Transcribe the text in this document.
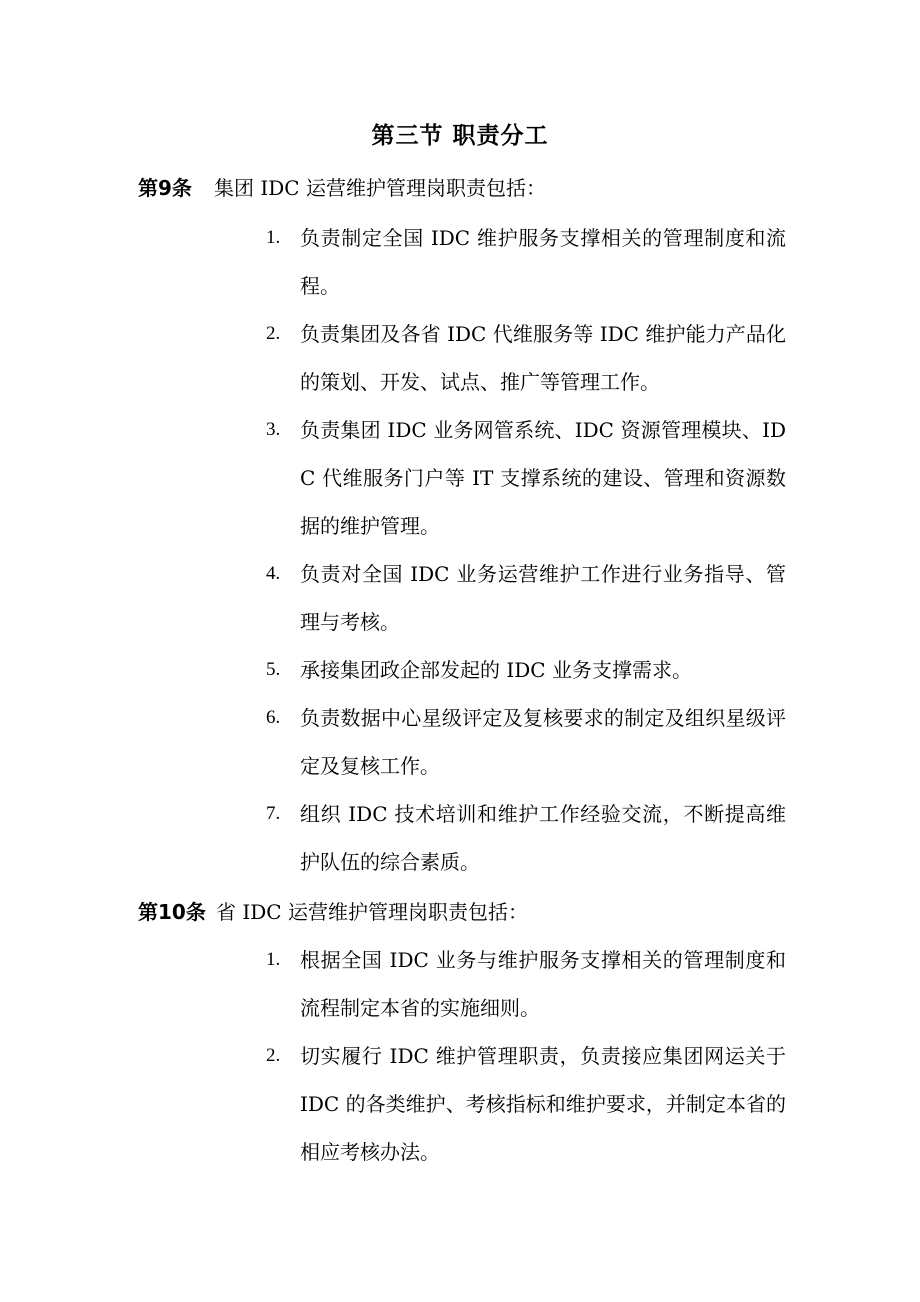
第三节 职责分工
第9条 集团 IDC 运营维护管理岗职责包括：
1. 负责制定全国 IDC 维护服务支撑相关的管理制度和流程。
2. 负责集团及各省 IDC 代维服务等 IDC 维护能力产品化的策划、开发、试点、推广等管理工作。
3. 负责集团 IDC 业务网管系统、IDC 资源管理模块、IDC 代维服务门户等 IT 支撑系统的建设、管理和资源数据的维护管理。
4. 负责对全国 IDC 业务运营维护工作进行业务指导、管理与考核。
5. 承接集团政企部发起的 IDC 业务支撑需求。
6. 负责数据中心星级评定及复核要求的制定及组织星级评定及复核工作。
7. 组织 IDC 技术培训和维护工作经验交流，不断提高维护队伍的综合素质。
第10条 省 IDC 运营维护管理岗职责包括：
1. 根据全国 IDC 业务与维护服务支撑相关的管理制度和流程制定本省的实施细则。
2. 切实履行 IDC 维护管理职责，负责接应集团网运关于 IDC 的各类维护、考核指标和维护要求，并制定本省的相应考核办法。
